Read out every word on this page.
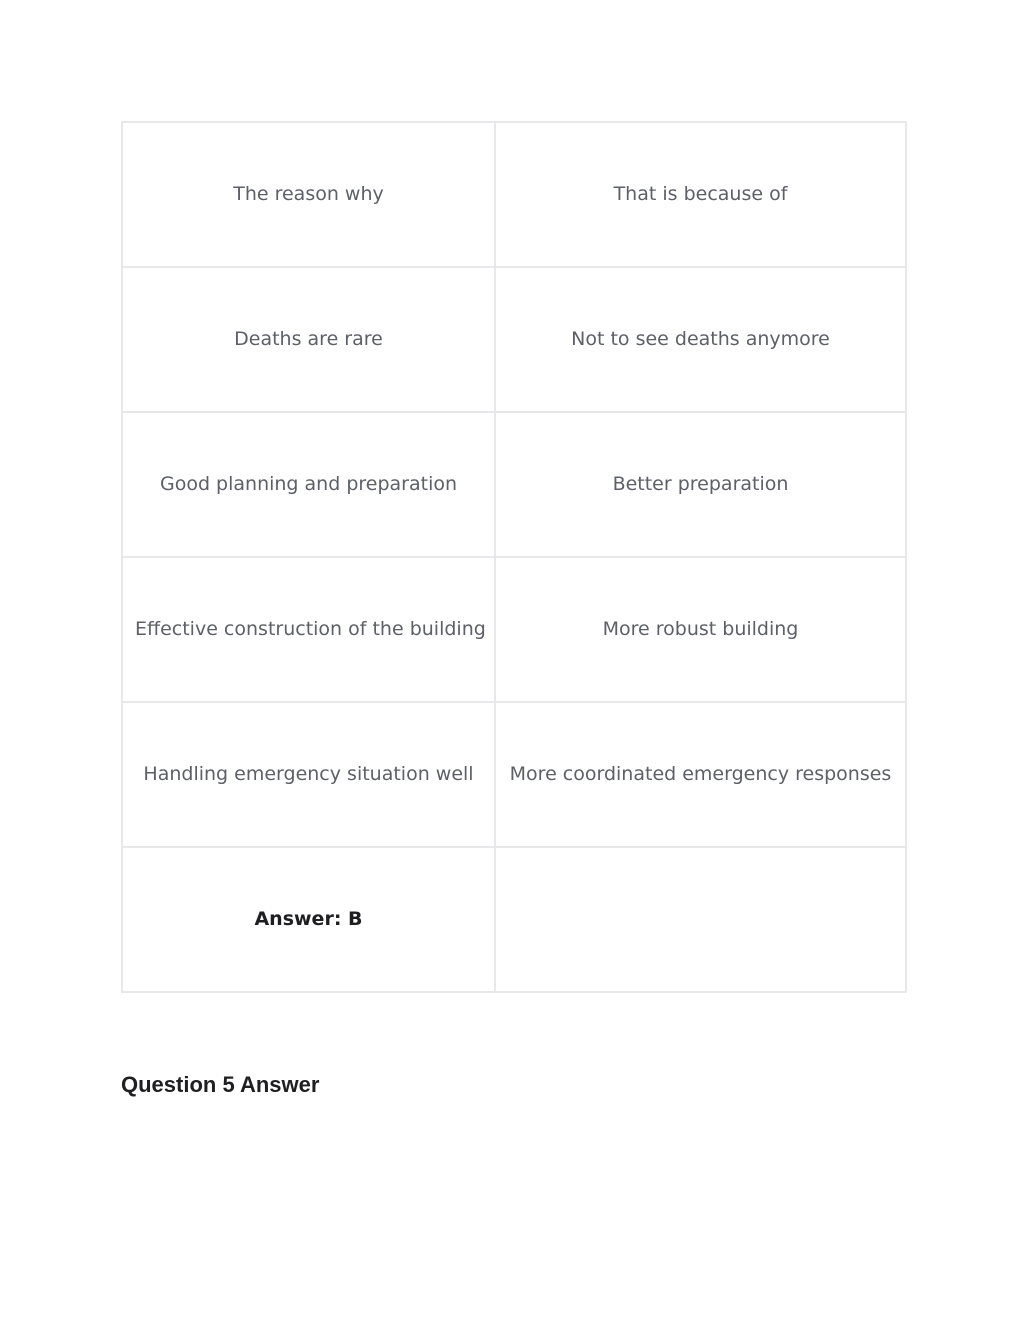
The reason why	That is because of
Deaths are rare	Not to see deaths anymore
Good planning and preparation	Better preparation
Effective construction of the building	More robust building
Handling emergency situation well	More coordinated emergency responses
Answer: B	
Question 5 Answer
